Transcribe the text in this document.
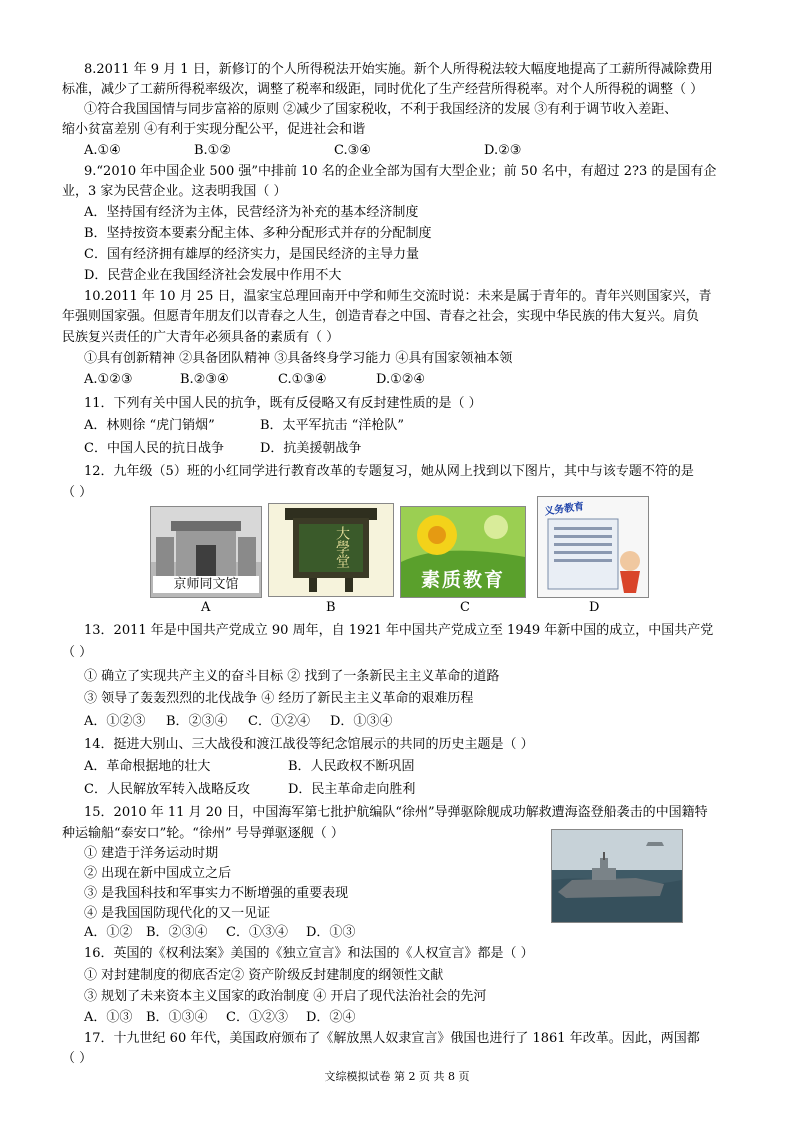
8.2011 年 9 月 1 日，新修订的个人所得税法开始实施。新个人所得税法较大幅度地提高了工薪所得减除费用
标准，减少了工薪所得税率级次，调整了税率和级距，同时优化了生产经营所得税率。对个人所得税的调整（ ）
①符合我国国情与同步富裕的原则 ②减少了国家税收，不利于我国经济的发展 ③有利于调节收入差距、
缩小贫富差别 ④有利于实现分配公平，促进社会和谐
A.①④	B.①②	C.③④	D.②③
9.“2010 年中国企业 500 强”中排前 10 名的企业全部为国有大型企业；前 50 名中，有超过 2?3 的是国有企
业，3 家为民营企业。这表明我国（ ）
A．坚持国有经济为主体，民营经济为补充的基本经济制度
B．坚持按资本要素分配主体、多种分配形式并存的分配制度
C．国有经济拥有雄厚的经济实力，是国民经济的主导力量
D．民营企业在我国经济社会发展中作用不大
10.2011 年 10 月 25 日，温家宝总理回南开中学和师生交流时说：未来是属于青年的。青年兴则国家兴，青
年强则国家强。但愿青年朋友们以青春之人生，创造青春之中国、青春之社会，实现中华民族的伟大复兴。肩负
民族复兴责任的广大青年必须具备的素质有（ ）
①具有创新精神 ②具备团队精神 ③具备终身学习能力 ④具有国家领袖本领
A.①②③	B.②③④	C.①③④	D.①②④
11．下列有关中国人民的抗争，既有反侵略又有反封建性质的是（ ）
A．林则徐 “虎门销烟”	B．太平军抗击 “洋枪队”
C．中国人民的抗日战争	D．抗美援朝战争
12．九年级（5）班的小红同学进行教育改革的专题复习，她从网上找到以下图片，其中与该专题不符的是
（ ）
京师同文馆
A
大學堂
B
素质教育
C
义务教育
D
13．2011 年是中国共产党成立 90 周年，自 1921 年中国共产党成立至 1949 年新中国的成立，中国共产党
（ ）
① 确立了实现共产主义的奋斗目标 ② 找到了一条新民主主义革命的道路
③ 领导了轰轰烈烈的北伐战争 ④ 经历了新民主主义革命的艰难历程
A．①②③ B．②③④ C．①②④ D．①③④
14．挺进大别山、三大战役和渡江战役等纪念馆展示的共同的历史主题是（ ）
A．革命根据地的壮大	B．人民政权不断巩固
C．人民解放军转入战略反攻	D．民主革命走向胜利
15．2010 年 11 月 20 日，中国海军第七批护航编队“徐州”导弹驱除舰成功解救遭海盗登船袭击的中国籍特
种运输船“泰安口”轮。“徐州” 号导弹驱逐舰（ ）
① 建造于洋务运动时期
② 出现在新中国成立之后
③ 是我国科技和军事实力不断增强的重要表现
④ 是我国国防现代化的又一见证
A．①② B．②③④ C．①③④ D．①③
16．英国的《权利法案》美国的《独立宣言》和法国的《人权宣言》都是（ ）
① 对封建制度的彻底否定② 资产阶级反封建制度的纲领性文献
③ 规划了未来资本主义国家的政治制度 ④ 开启了现代法治社会的先河
A．①③ B．①③④ C．①②③ D．②④
17．十九世纪 60 年代，美国政府颁布了《解放黑人奴隶宣言》俄国也进行了 1861 年改革。因此，两国都
（ ）
文综模拟试卷 第 2 页 共 8 页
